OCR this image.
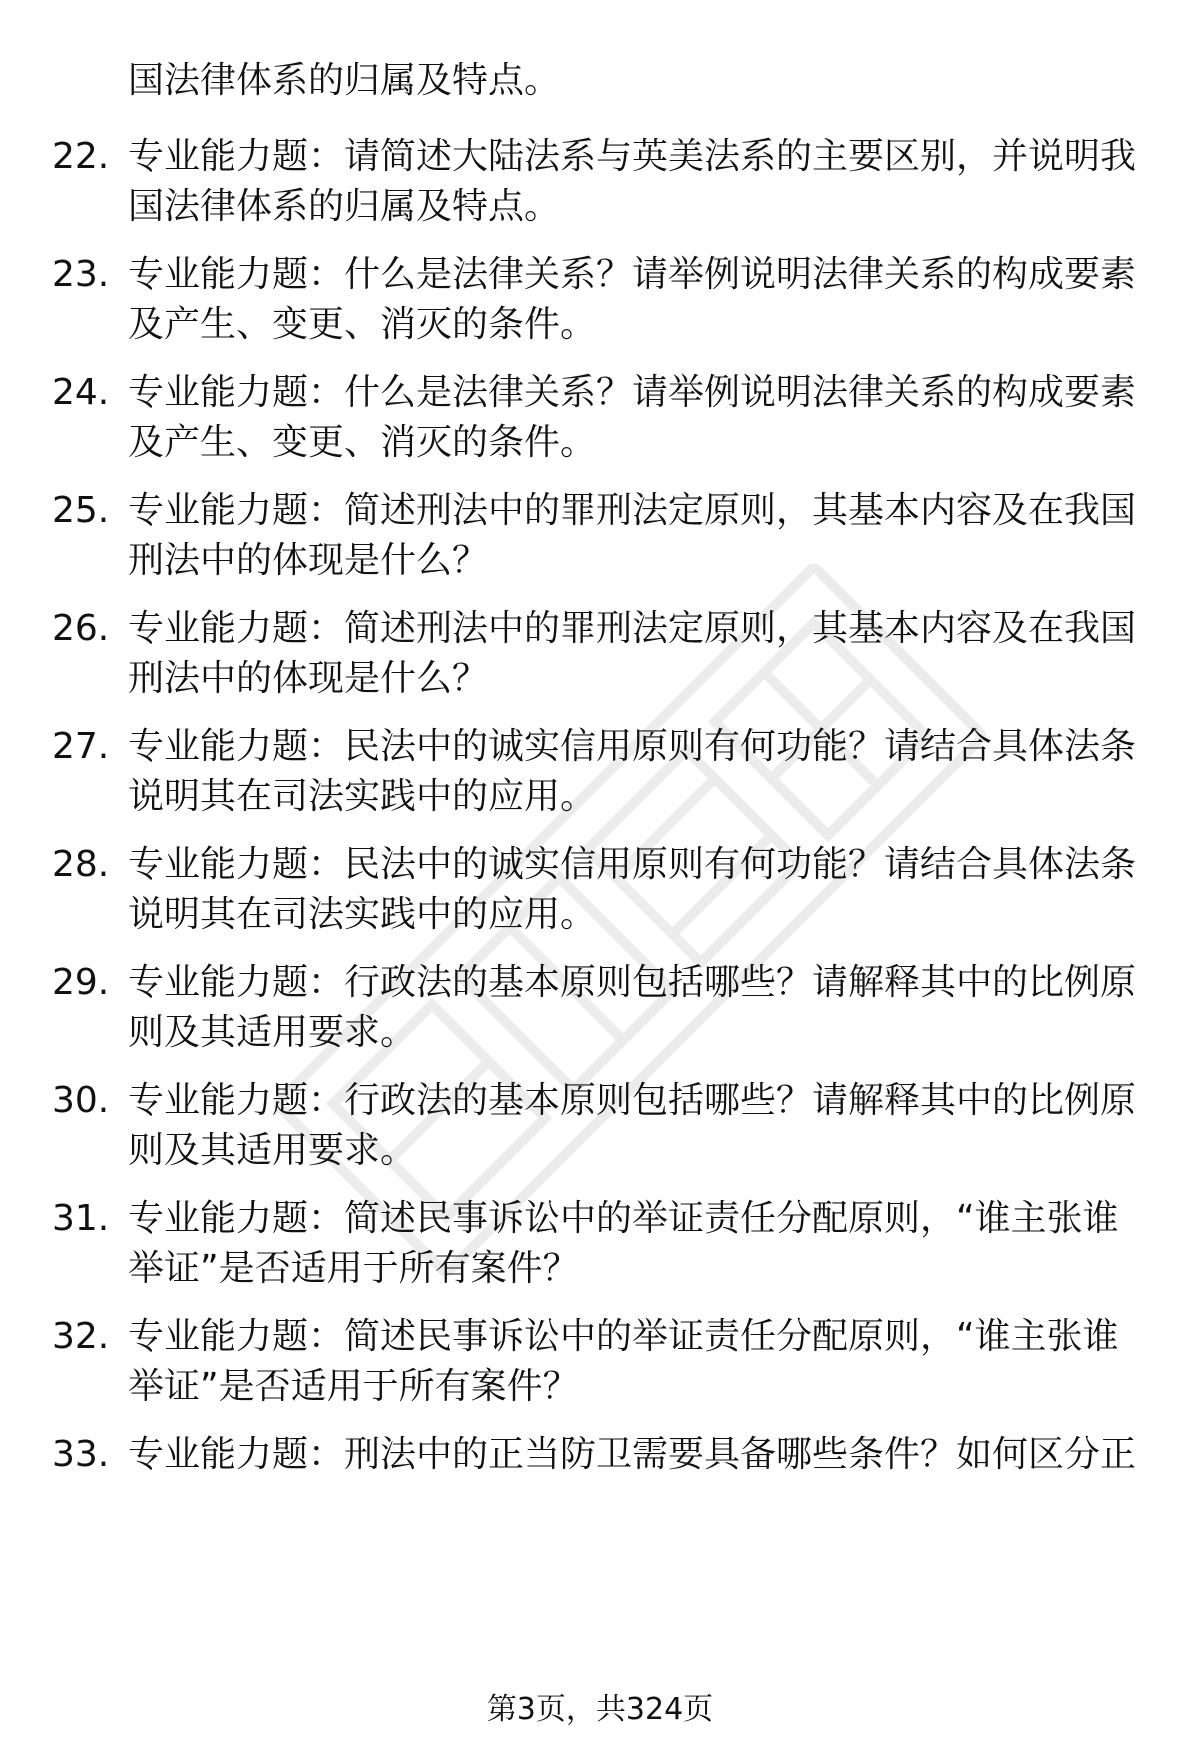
国法律体系的归属及特点。
22. 专业能力题：请简述大陆法系与英美法系的主要区别，并说明我
国法律体系的归属及特点。
23. 专业能力题：什么是法律关系？请举例说明法律关系的构成要素
及产生、变更、消灭的条件。
24. 专业能力题：什么是法律关系？请举例说明法律关系的构成要素
及产生、变更、消灭的条件。
25. 专业能力题：简述刑法中的罪刑法定原则，其基本内容及在我国
刑法中的体现是什么？
26. 专业能力题：简述刑法中的罪刑法定原则，其基本内容及在我国
刑法中的体现是什么？
27. 专业能力题：民法中的诚实信用原则有何功能？请结合具体法条
说明其在司法实践中的应用。
28. 专业能力题：民法中的诚实信用原则有何功能？请结合具体法条
说明其在司法实践中的应用。
29. 专业能力题：行政法的基本原则包括哪些？请解释其中的比例原
则及其适用要求。
30. 专业能力题：行政法的基本原则包括哪些？请解释其中的比例原
则及其适用要求。
31. 专业能力题：简述民事诉讼中的举证责任分配原则，“谁主张谁
举证”是否适用于所有案件？
32. 专业能力题：简述民事诉讼中的举证责任分配原则，“谁主张谁
举证”是否适用于所有案件？
33. 专业能力题：刑法中的正当防卫需要具备哪些条件？如何区分正
第3页，共324页
